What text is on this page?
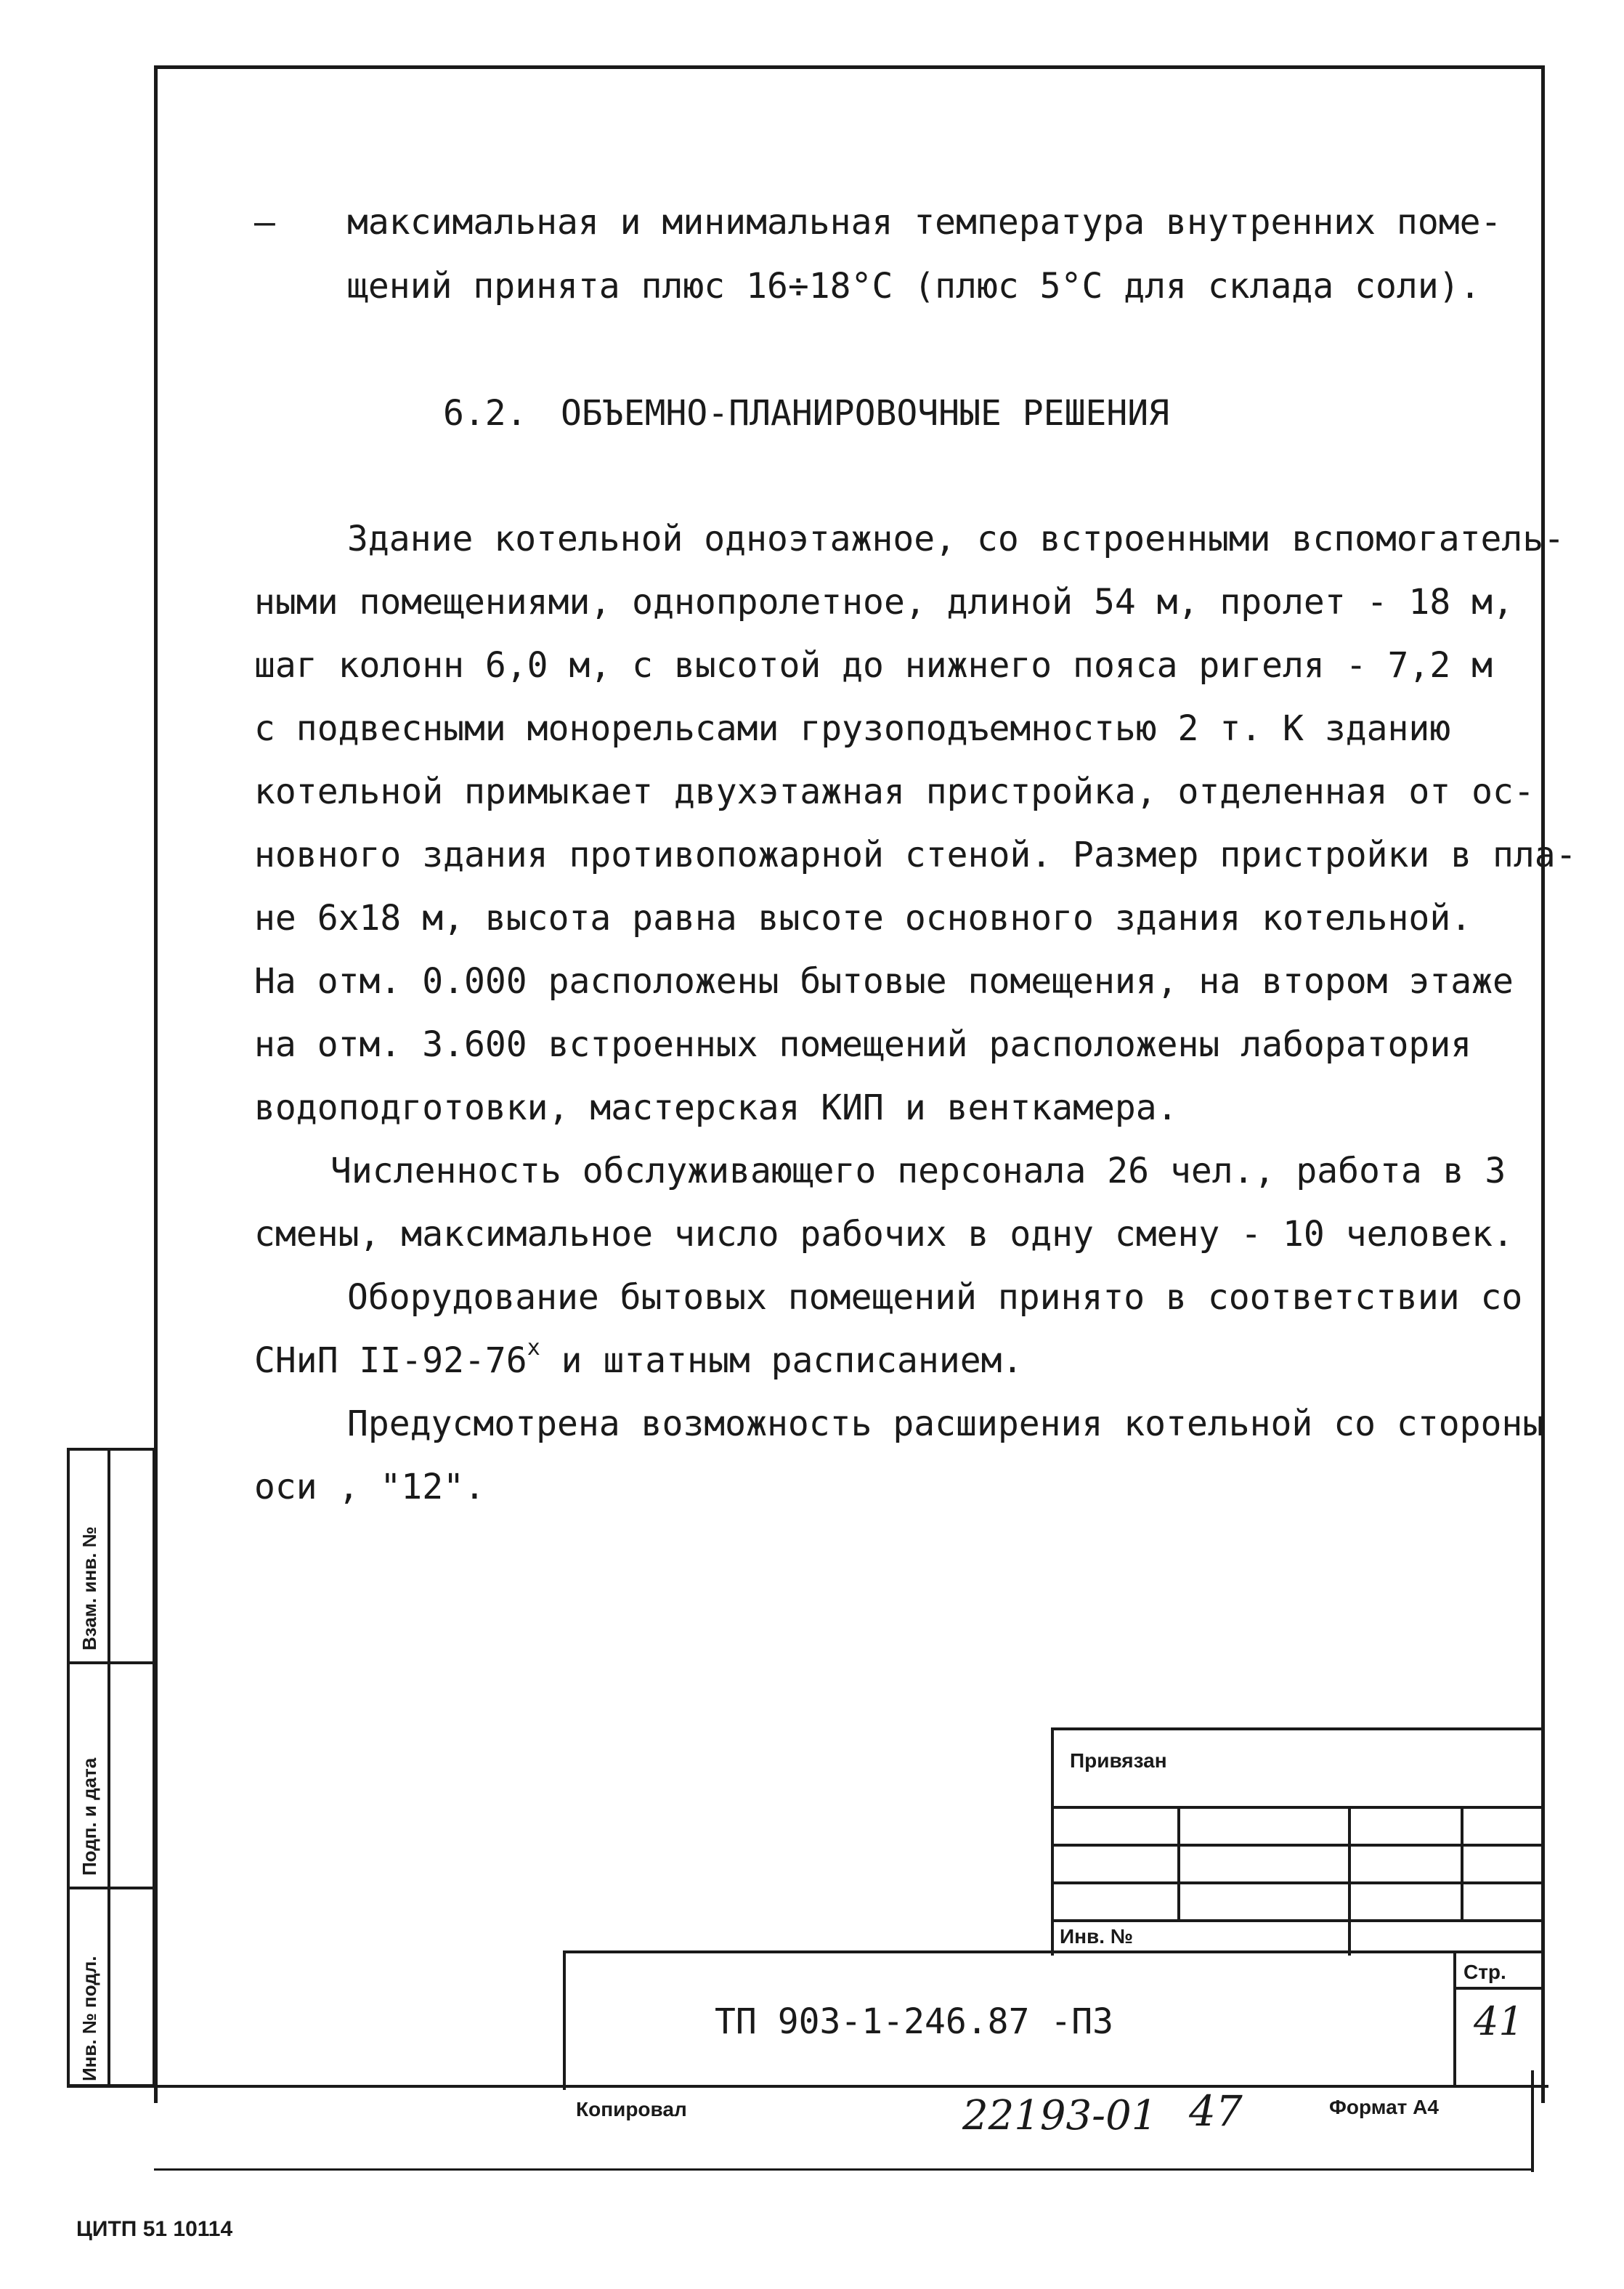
– максимальная и минимальная температура внутренних поме-
щений принята плюс 16÷18°С (плюс 5°С для склада соли).
6.2. ОБЪЕМНО-ПЛАНИРОВОЧНЫЕ РЕШЕНИЯ
Здание котельной одноэтажное, со встроенными вспомогатель-
ными помещениями, однопролетное, длиной 54 м, пролет - 18 м,
шаг колонн 6,0 м, с высотой до нижнего пояса ригеля - 7,2 м
с подвесными монорельсами грузоподъемностью 2 т. К зданию
котельной примыкает двухэтажная пристройка, отделенная от ос-
новного здания противопожарной стеной. Размер пристройки в пла-
не 6х18 м, высота равна высоте основного здания котельной.
На отм. 0.000 расположены бытовые помещения, на втором этаже
на отм. 3.600 встроенных помещений расположены лаборатория
водоподготовки, мастерская КИП и венткамера.
Численность обслуживающего персонала 26 чел., работа в 3
смены, максимальное число рабочих в одну смену - 10 человек.
Оборудование бытовых помещений принято в соответствии со
СНиП $II-92-76^х$ и штатным расписанием.
Предусмотрена возможность расширения котельной со стороны
оси , "12".
Взам. инв. №
Подп. и дата
Инв. № подл.
Привязан
Инв. №
ТП 903-1-246.87 -ПЗ
Стр.
41
Копировал	22193-01 47	Формат А4
ЦИТП 51 10114
